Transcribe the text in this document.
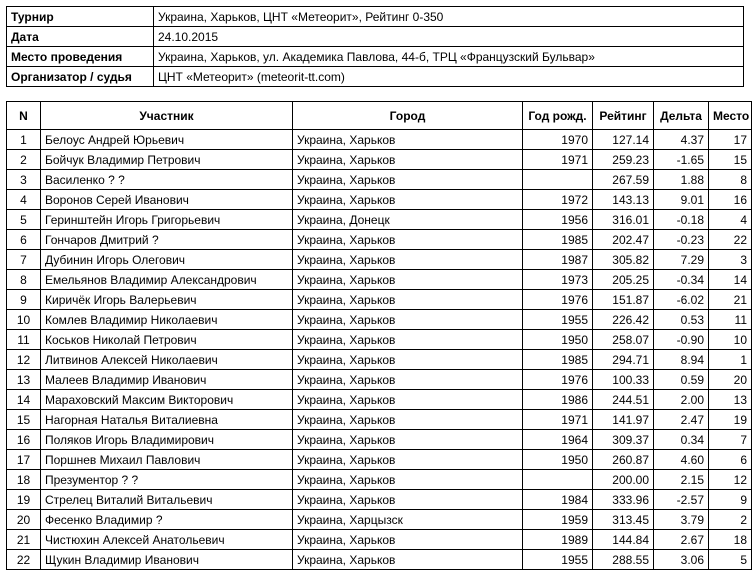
Турнир	Украина, Харьков, ЦНТ «Метеорит», Рейтинг 0-350
Дата	24.10.2015
Место проведения	Украина, Харьков, ул. Академика Павлова, 44-б, ТРЦ «Французский Бульвар»
Организатор / судья	ЦНТ «Метеорит» (meteorit-tt.com)
N	Участник	Город	Год рожд.	Рейтинг	Дельта	Место
1	Белоус Андрей Юрьевич	Украина, Харьков	1970	127.14	4.37	17
2	Бойчук Владимир Петрович	Украина, Харьков	1971	259.23	-1.65	15
3	Василенко ? ?	Украина, Харьков		267.59	1.88	8
4	Воронов Серей Иванович	Украина, Харьков	1972	143.13	9.01	16
5	Геринштейн Игорь Григорьевич	Украина, Донецк	1956	316.01	-0.18	4
6	Гончаров Дмитрий ?	Украина, Харьков	1985	202.47	-0.23	22
7	Дубинин Игорь Олегович	Украина, Харьков	1987	305.82	7.29	3
8	Емельянов Владимир Александрович	Украина, Харьков	1973	205.25	-0.34	14
9	Киричёк Игорь Валерьевич	Украина, Харьков	1976	151.87	-6.02	21
10	Комлев Владимир Николаевич	Украина, Харьков	1955	226.42	0.53	11
11	Коськов Николай Петрович	Украина, Харьков	1950	258.07	-0.90	10
12	Литвинов Алексей Николаевич	Украина, Харьков	1985	294.71	8.94	1
13	Малеев Владимир Иванович	Украина, Харьков	1976	100.33	0.59	20
14	Мараховский Максим Викторович	Украина, Харьков	1986	244.51	2.00	13
15	Нагорная Наталья Виталиевна	Украина, Харьков	1971	141.97	2.47	19
16	Поляков Игорь Владимирович	Украина, Харьков	1964	309.37	0.34	7
17	Поршнев Михаил Павлович	Украина, Харьков	1950	260.87	4.60	6
18	Презументор ? ?	Украина, Харьков		200.00	2.15	12
19	Стрелец Виталий Витальевич	Украина, Харьков	1984	333.96	-2.57	9
20	Фесенко Владимир ?	Украина, Харцызск	1959	313.45	3.79	2
21	Чистюхин Алексей Анатольевич	Украина, Харьков	1989	144.84	2.67	18
22	Щукин Владимир Иванович	Украина, Харьков	1955	288.55	3.06	5
